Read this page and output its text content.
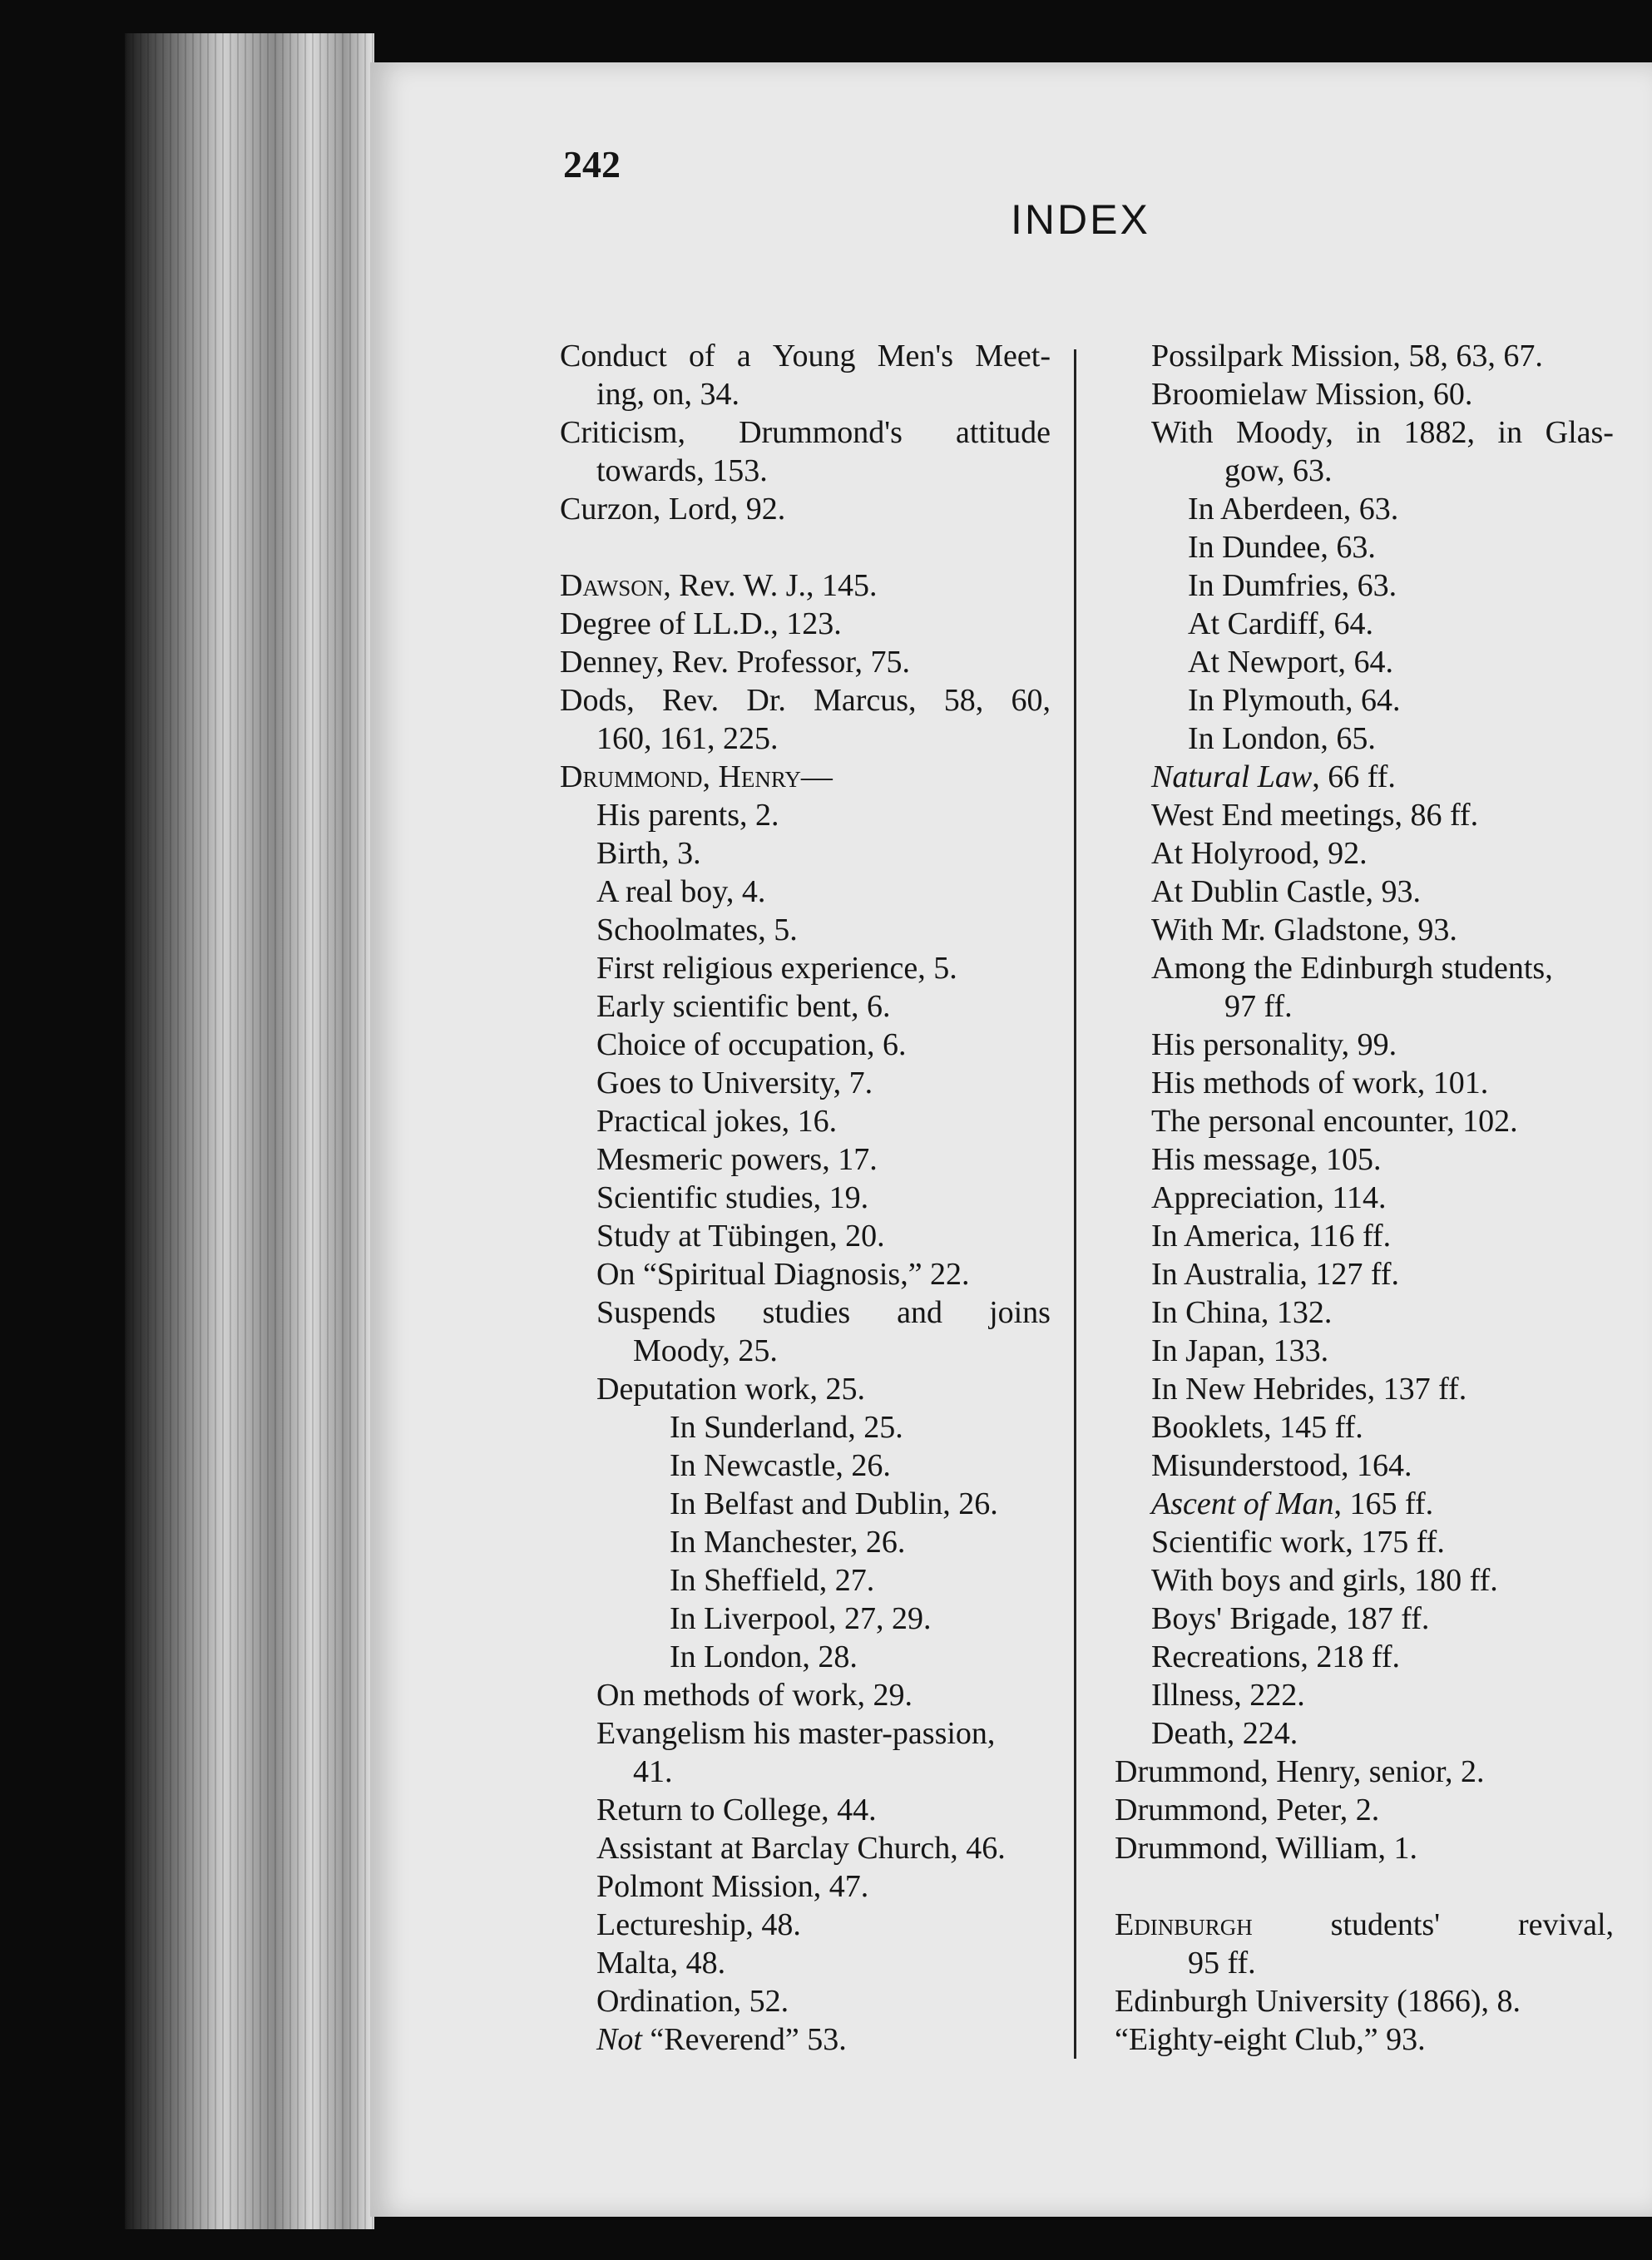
242
INDEX
Conduct of a Young Men's Meet-
ing, on, 34.
Criticism, Drummond's attitude
towards, 153.
Curzon, Lord, 92.
Dawson, Rev. W. J., 145.
Degree of LL.D., 123.
Denney, Rev. Professor, 75.
Dods, Rev. Dr. Marcus, 58, 60,
160, 161, 225.
Drummond, Henry—
His parents, 2.
Birth, 3.
A real boy, 4.
Schoolmates, 5.
First religious experience, 5.
Early scientific bent, 6.
Choice of occupation, 6.
Goes to University, 7.
Practical jokes, 16.
Mesmeric powers, 17.
Scientific studies, 19.
Study at Tübingen, 20.
On “Spiritual Diagnosis,” 22.
Suspends studies and joins
Moody, 25.
Deputation work, 25.
In Sunderland, 25.
In Newcastle, 26.
In Belfast and Dublin, 26.
In Manchester, 26.
In Sheffield, 27.
In Liverpool, 27, 29.
In London, 28.
On methods of work, 29.
Evangelism his master-passion,
41.
Return to College, 44.
Assistant at Barclay Church, 46.
Polmont Mission, 47.
Lectureship, 48.
Malta, 48.
Ordination, 52.
Not “Reverend” 53.
Possilpark Mission, 58, 63, 67.
Broomielaw Mission, 60.
With Moody, in 1882, in Glas-
gow, 63.
In Aberdeen, 63.
In Dundee, 63.
In Dumfries, 63.
At Cardiff, 64.
At Newport, 64.
In Plymouth, 64.
In London, 65.
Natural Law, 66 ff.
West End meetings, 86 ff.
At Holyrood, 92.
At Dublin Castle, 93.
With Mr. Gladstone, 93.
Among the Edinburgh students,
97 ff.
His personality, 99.
His methods of work, 101.
The personal encounter, 102.
His message, 105.
Appreciation, 114.
In America, 116 ff.
In Australia, 127 ff.
In China, 132.
In Japan, 133.
In New Hebrides, 137 ff.
Booklets, 145 ff.
Misunderstood, 164.
Ascent of Man, 165 ff.
Scientific work, 175 ff.
With boys and girls, 180 ff.
Boys' Brigade, 187 ff.
Recreations, 218 ff.
Illness, 222.
Death, 224.
Drummond, Henry, senior, 2.
Drummond, Peter, 2.
Drummond, William, 1.
Edinburgh students' revival,
95 ff.
Edinburgh University (1866), 8.
“Eighty-eight Club,” 93.
